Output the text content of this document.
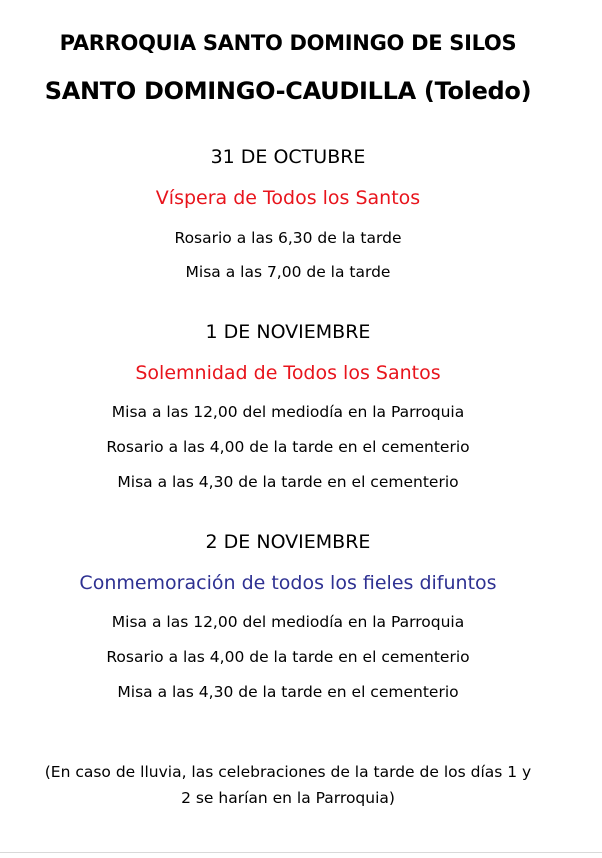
PARROQUIA SANTO DOMINGO DE SILOS
SANTO DOMINGO-CAUDILLA (Toledo)
31 DE OCTUBRE
Víspera de Todos los Santos
Rosario a las 6,30 de la tarde
Misa a las 7,00 de la tarde
1 DE NOVIEMBRE
Solemnidad de Todos los Santos
Misa a las 12,00 del mediodía en la Parroquia
Rosario a las 4,00 de la tarde en el cementerio
Misa a las 4,30 de la tarde en el cementerio
2 DE NOVIEMBRE
Conmemoración de todos los fieles difuntos
Misa a las 12,00 del mediodía en la Parroquia
Rosario a las 4,00 de la tarde en el cementerio
Misa a las 4,30 de la tarde en el cementerio
(En caso de lluvia, las celebraciones de la tarde de los días 1 y
2 se harían en la Parroquia)
